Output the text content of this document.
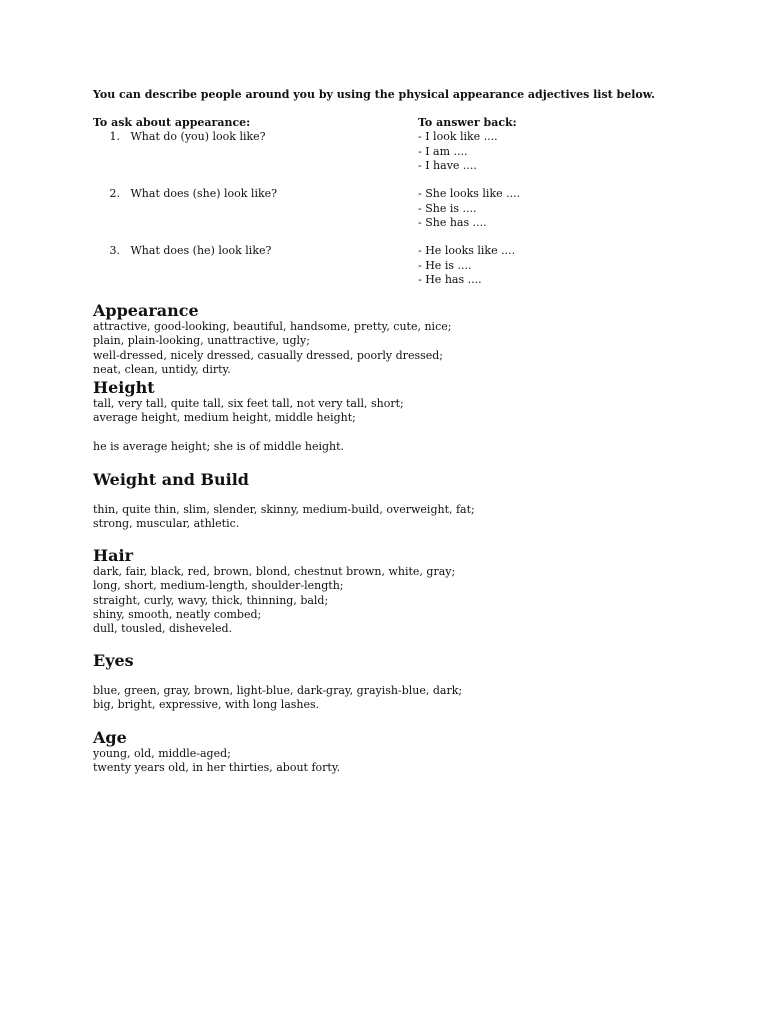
You can describe people around you by using the physical appearance adjectives list below.

To ask about appearance:

1. What do (you) look like?
2. What does (she) look like?
3. What does (he) look like?

To answer back:

- I look like ....
- I am ....
- I have ....
- She looks like ....
- She is ....
- She has ....
- He looks like ....
- He is ....
- He has ....
Appearance
attractive, good-looking, beautiful, handsome, pretty, cute, nice;
plain, plain-looking, unattractive, ugly;
well-dressed, nicely dressed, casually dressed, poorly dressed;
neat, clean, untidy, dirty.
Height
tall, very tall, quite tall, six feet tall, not very tall, short;
average height, medium height, middle height;
he is average height; she is of middle height.
Weight and Build
thin, quite thin, slim, slender, skinny, medium-build, overweight, fat;
strong, muscular, athletic.
Hair
dark, fair, black, red, brown, blond, chestnut brown, white, gray;
long, short, medium-length, shoulder-length;
straight, curly, wavy, thick, thinning, bald;
shiny, smooth, neatly combed;
dull, tousled, disheveled.
Eyes
blue, green, gray, brown, light-blue, dark-gray, grayish-blue, dark;
big, bright, expressive, with long lashes.
Age
young, old, middle-aged;
twenty years old, in her thirties, about forty.
